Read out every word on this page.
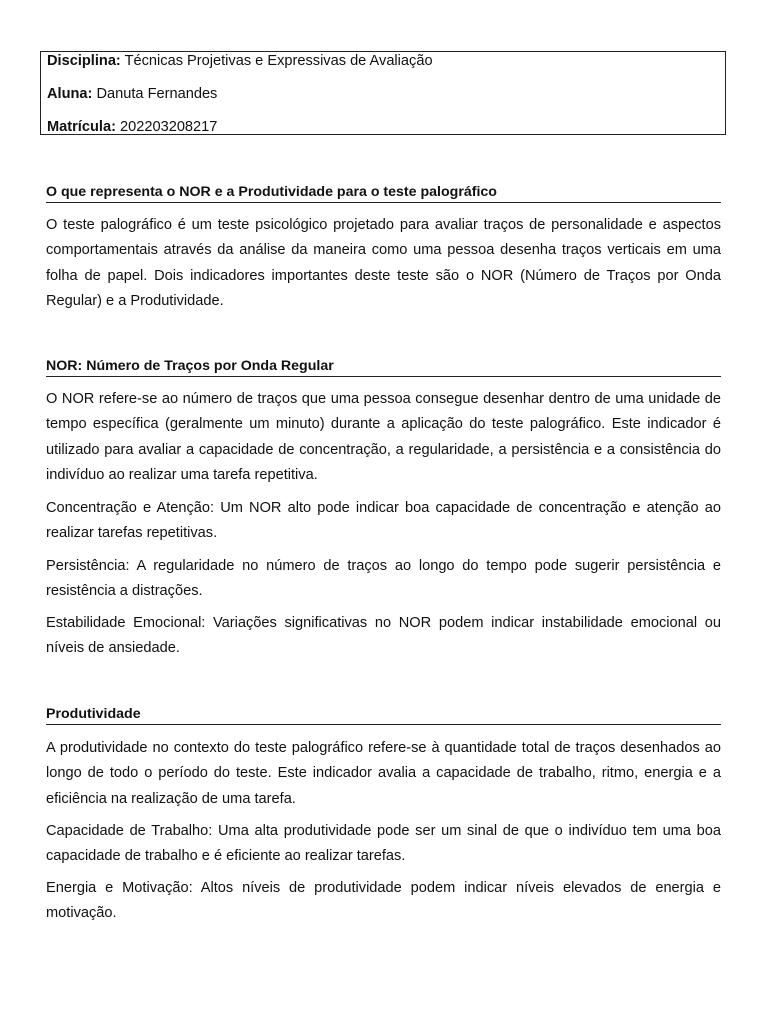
Disciplina: Técnicas Projetivas e Expressivas de Avaliação
Aluna: Danuta Fernandes
Matrícula: 202203208217
O que representa o NOR e a Produtividade para o teste palográfico

O teste palográfico é um teste psicológico projetado para avaliar traços de personalidade e aspectos comportamentais através da análise da maneira como uma pessoa desenha traços verticais em uma folha de papel. Dois indicadores importantes deste teste são o NOR (Número de Traços por Onda Regular) e a Produtividade.

NOR: Número de Traços por Onda Regular

O NOR refere-se ao número de traços que uma pessoa consegue desenhar dentro de uma unidade de tempo específica (geralmente um minuto) durante a aplicação do teste palográfico. Este indicador é utilizado para avaliar a capacidade de concentração, a regularidade, a persistência e a consistência do indivíduo ao realizar uma tarefa repetitiva.

Concentração e Atenção: Um NOR alto pode indicar boa capacidade de concentração e atenção ao realizar tarefas repetitivas.

Persistência: A regularidade no número de traços ao longo do tempo pode sugerir persistência e resistência a distrações.

Estabilidade Emocional: Variações significativas no NOR podem indicar instabilidade emocional ou níveis de ansiedade.

Produtividade

A produtividade no contexto do teste palográfico refere-se à quantidade total de traços desenhados ao longo de todo o período do teste. Este indicador avalia a capacidade de trabalho, ritmo, energia e a eficiência na realização de uma tarefa.

Capacidade de Trabalho: Uma alta produtividade pode ser um sinal de que o indivíduo tem uma boa capacidade de trabalho e é eficiente ao realizar tarefas.

Energia e Motivação: Altos níveis de produtividade podem indicar níveis elevados de energia e motivação.
